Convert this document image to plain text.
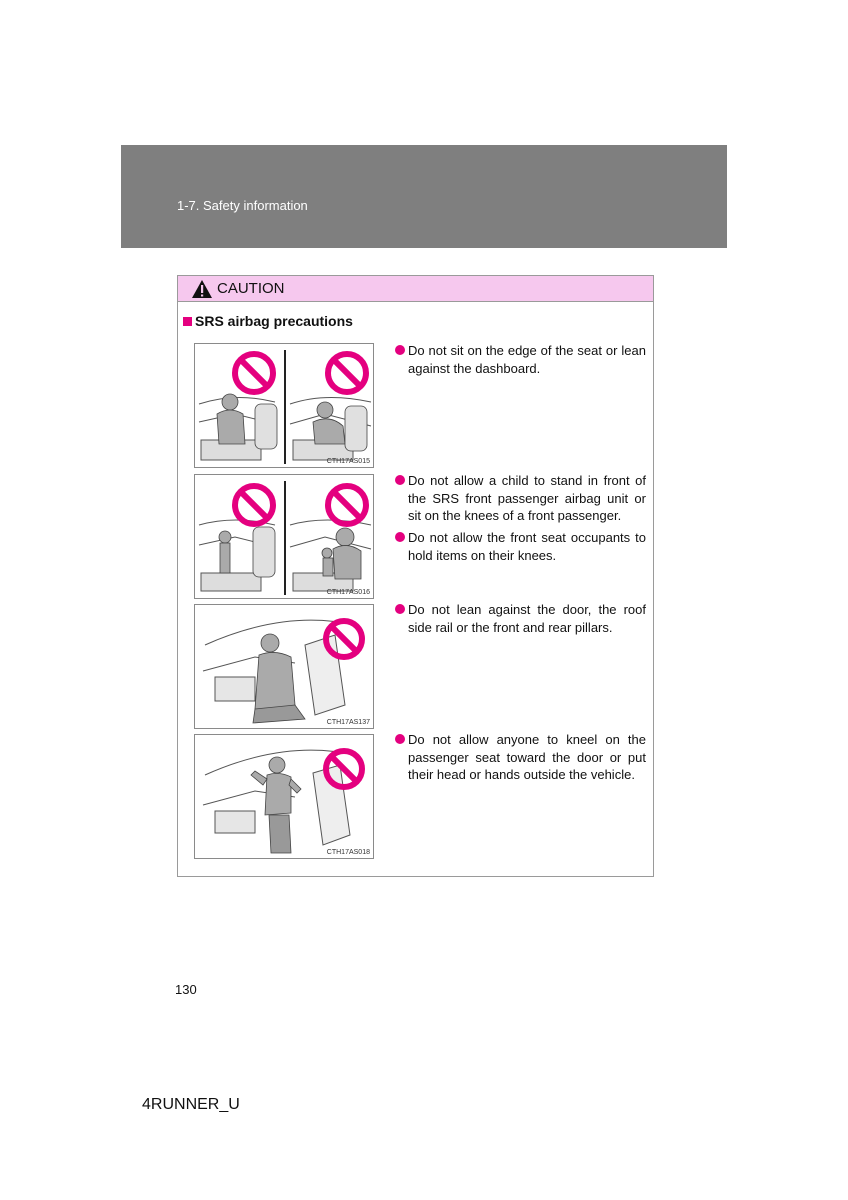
1-7. Safety information
CAUTION
SRS airbag precautions
CTH17AS015
CTH17AS016
CTH17AS137
CTH17AS018
Do not sit on the edge of the seat or lean against the dashboard.
Do not allow a child to stand in front of the SRS front passenger airbag unit or sit on the knees of a front passenger.
Do not allow the front seat occupants to hold items on their knees.
Do not lean against the door, the roof side rail or the front and rear pillars.
Do not allow anyone to kneel on the passenger seat toward the door or put their head or hands outside the vehicle.
130
4RUNNER_U
